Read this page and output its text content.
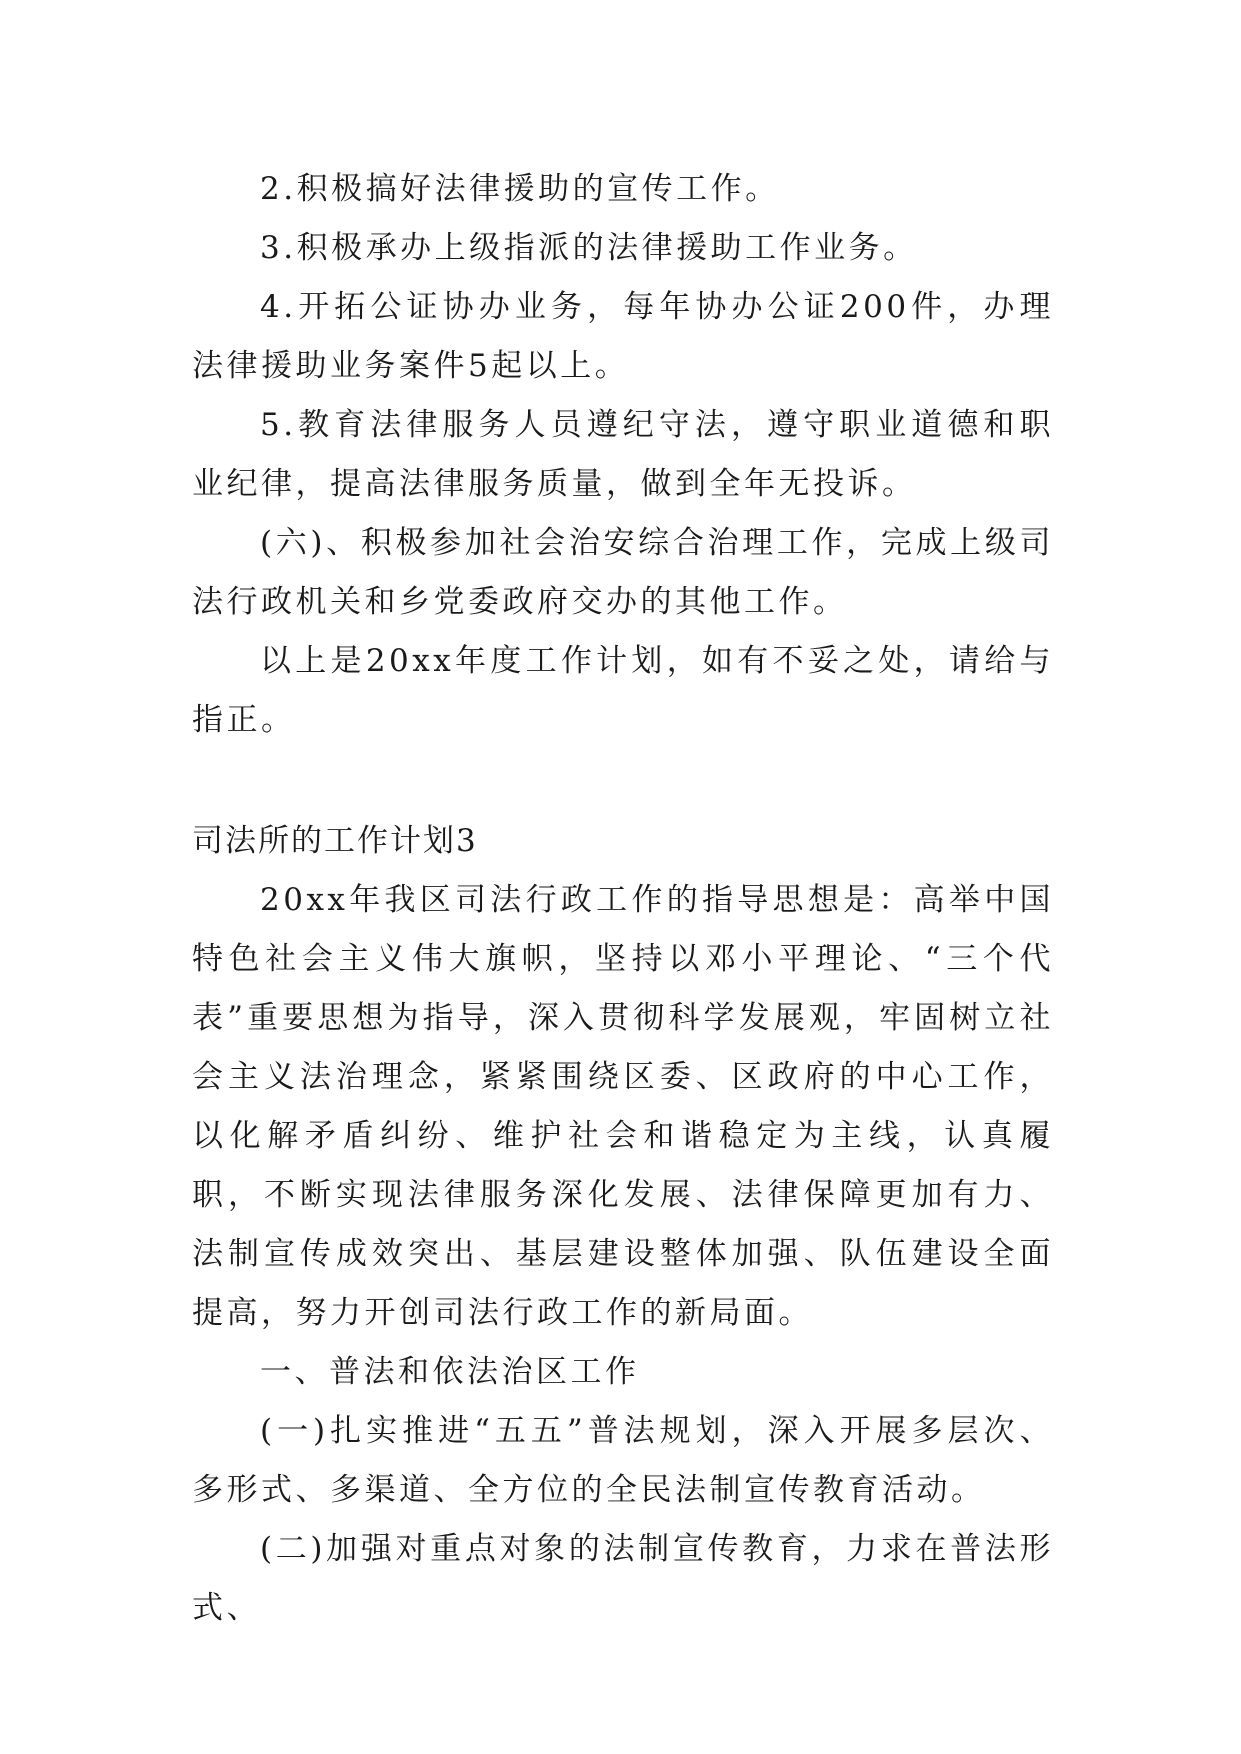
2.积极搞好法律援助的宣传工作。

3.积极承办上级指派的法律援助工作业务。

4.开拓公证协办业务，每年协办公证200件，办理法律援助业务案件5起以上。

5.教育法律服务人员遵纪守法，遵守职业道德和职业纪律，提高法律服务质量，做到全年无投诉。

(六)、积极参加社会治安综合治理工作，完成上级司法行政机关和乡党委政府交办的其他工作。

以上是20xx年度工作计划，如有不妥之处，请给与指正。

司法所的工作计划3

20xx年我区司法行政工作的指导思想是：高举中国特色社会主义伟大旗帜，坚持以邓小平理论、“三个代表”重要思想为指导，深入贯彻科学发展观，牢固树立社会主义法治理念，紧紧围绕区委、区政府的中心工作，以化解矛盾纠纷、维护社会和谐稳定为主线，认真履职，不断实现法律服务深化发展、法律保障更加有力、法制宣传成效突出、基层建设整体加强、队伍建设全面提高，努力开创司法行政工作的新局面。

一、普法和依法治区工作

(一)扎实推进“五五”普法规划，深入开展多层次、多形式、多渠道、全方位的全民法制宣传教育活动。

(二)加强对重点对象的法制宣传教育，力求在普法形式、
